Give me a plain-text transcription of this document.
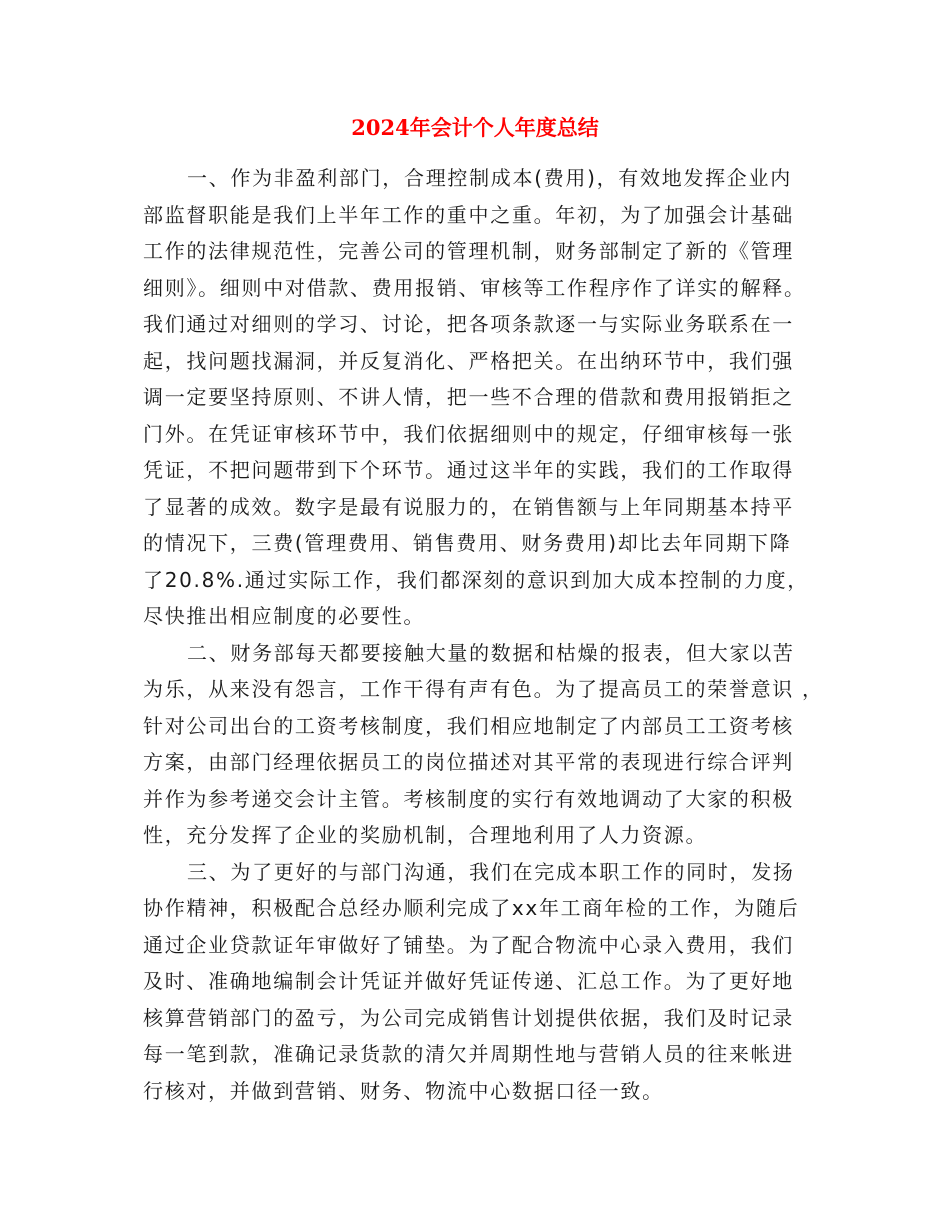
2024年会计个人年度总结
一、作为非盈利部门，合理控制成本(费用)，有效地发挥企业内
部监督职能是我们上半年工作的重中之重。年初，为了加强会计基础
工作的法律规范性，完善公司的管理机制，财务部制定了新的《管理
细则》。细则中对借款、费用报销、审核等工作程序作了详实的解释。
我们通过对细则的学习、讨论，把各项条款逐一与实际业务联系在一
起，找问题找漏洞，并反复消化、严格把关。在出纳环节中，我们强
调一定要坚持原则、不讲人情，把一些不合理的借款和费用报销拒之
门外。在凭证审核环节中，我们依据细则中的规定，仔细审核每一张
凭证，不把问题带到下个环节。通过这半年的实践，我们的工作取得
了显著的成效。数字是最有说服力的，在销售额与上年同期基本持平
的情况下，三费(管理费用、销售费用、财务费用)却比去年同期下降
了20.8%.通过实际工作，我们都深刻的意识到加大成本控制的力度，
尽快推出相应制度的必要性。
二、财务部每天都要接触大量的数据和枯燥的报表，但大家以苦
为乐，从来没有怨言，工作干得有声有色。为了提高员工的荣誉意识 ，
针对公司出台的工资考核制度，我们相应地制定了内部员工工资考核
方案，由部门经理依据员工的岗位描述对其平常的表现进行综合评判
并作为参考递交会计主管。考核制度的实行有效地调动了大家的积极
性，充分发挥了企业的奖励机制，合理地利用了人力资源。
三、为了更好的与部门沟通，我们在完成本职工作的同时，发扬
协作精神，积极配合总经办顺利完成了xx年工商年检的工作，为随后
通过企业贷款证年审做好了铺垫。为了配合物流中心录入费用，我们
及时、准确地编制会计凭证并做好凭证传递、汇总工作。为了更好地
核算营销部门的盈亏，为公司完成销售计划提供依据，我们及时记录
每一笔到款，准确记录货款的清欠并周期性地与营销人员的往来帐进
行核对，并做到营销、财务、物流中心数据口径一致。
